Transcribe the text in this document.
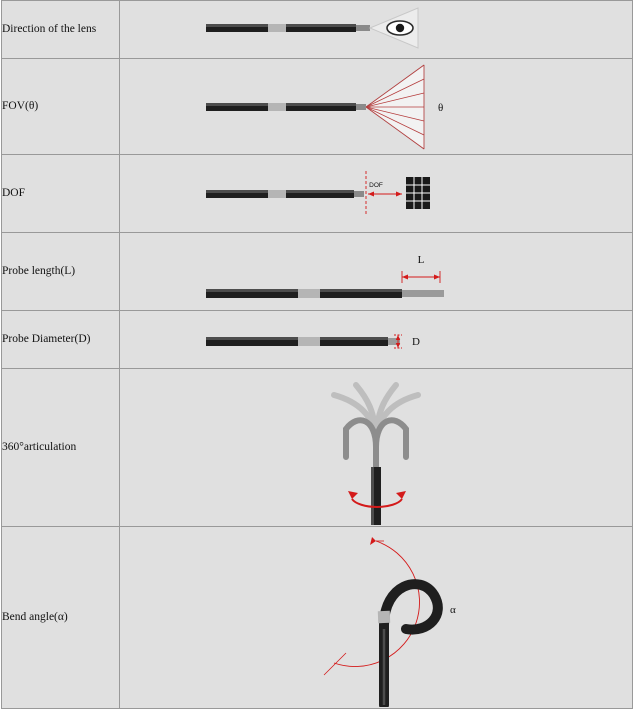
Direction of the lens	

FOV(θ)	θ

DOF	DOF

Probe length(L)	L

Probe Diameter(D)	D

360°articulation	

Bend angle(α)	α
